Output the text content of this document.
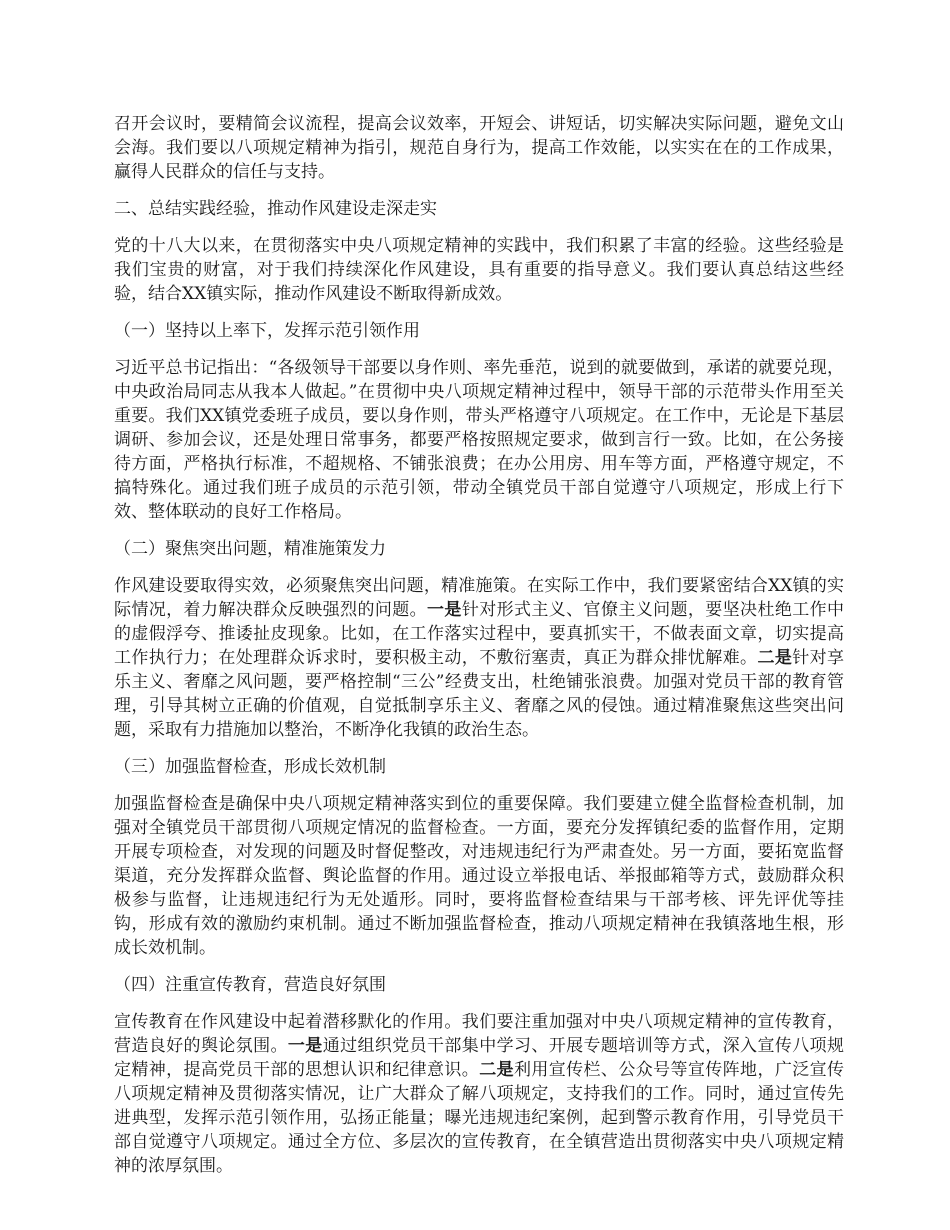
召开会议时，要精简会议流程，提高会议效率，开短会、讲短话，切实解决实际问题，避免文山会海。我们要以八项规定精神为指引，规范自身行为，提高工作效能，以实实在在的工作成果，赢得人民群众的信任与支持。

二、总结实践经验，推动作风建设走深走实

党的十八大以来，在贯彻落实中央八项规定精神的实践中，我们积累了丰富的经验。这些经验是我们宝贵的财富，对于我们持续深化作风建设，具有重要的指导意义。我们要认真总结这些经验，结合XX镇实际，推动作风建设不断取得新成效。

（一）坚持以上率下，发挥示范引领作用

习近平总书记指出：“各级领导干部要以身作则、率先垂范，说到的就要做到，承诺的就要兑现，中央政治局同志从我本人做起。”在贯彻中央八项规定精神过程中，领导干部的示范带头作用至关重要。我们XX镇党委班子成员，要以身作则，带头严格遵守八项规定。在工作中，无论是下基层调研、参加会议，还是处理日常事务，都要严格按照规定要求，做到言行一致。比如，在公务接待方面，严格执行标准，不超规格、不铺张浪费；在办公用房、用车等方面，严格遵守规定，不搞特殊化。通过我们班子成员的示范引领，带动全镇党员干部自觉遵守八项规定，形成上行下效、整体联动的良好工作格局。

（二）聚焦突出问题，精准施策发力

作风建设要取得实效，必须聚焦突出问题，精准施策。在实际工作中，我们要紧密结合XX镇的实际情况，着力解决群众反映强烈的问题。一是针对形式主义、官僚主义问题，要坚决杜绝工作中的虚假浮夸、推诿扯皮现象。比如，在工作落实过程中，要真抓实干，不做表面文章，切实提高工作执行力；在处理群众诉求时，要积极主动，不敷衍塞责，真正为群众排忧解难。二是针对享乐主义、奢靡之风问题，要严格控制“三公”经费支出，杜绝铺张浪费。加强对党员干部的教育管理，引导其树立正确的价值观，自觉抵制享乐主义、奢靡之风的侵蚀。通过精准聚焦这些突出问题，采取有力措施加以整治，不断净化我镇的政治生态。

（三）加强监督检查，形成长效机制

加强监督检查是确保中央八项规定精神落实到位的重要保障。我们要建立健全监督检查机制，加强对全镇党员干部贯彻八项规定情况的监督检查。一方面，要充分发挥镇纪委的监督作用，定期开展专项检查，对发现的问题及时督促整改，对违规违纪行为严肃查处。另一方面，要拓宽监督渠道，充分发挥群众监督、舆论监督的作用。通过设立举报电话、举报邮箱等方式，鼓励群众积极参与监督，让违规违纪行为无处遁形。同时，要将监督检查结果与干部考核、评先评优等挂钩，形成有效的激励约束机制。通过不断加强监督检查，推动八项规定精神在我镇落地生根，形成长效机制。

（四）注重宣传教育，营造良好氛围

宣传教育在作风建设中起着潜移默化的作用。我们要注重加强对中央八项规定精神的宣传教育，营造良好的舆论氛围。一是通过组织党员干部集中学习、开展专题培训等方式，深入宣传八项规定精神，提高党员干部的思想认识和纪律意识。二是利用宣传栏、公众号等宣传阵地，广泛宣传八项规定精神及贯彻落实情况，让广大群众了解八项规定，支持我们的工作。同时，通过宣传先进典型，发挥示范引领作用，弘扬正能量；曝光违规违纪案例，起到警示教育作用，引导党员干部自觉遵守八项规定。通过全方位、多层次的宣传教育，在全镇营造出贯彻落实中央八项规定精神的浓厚氛围。
